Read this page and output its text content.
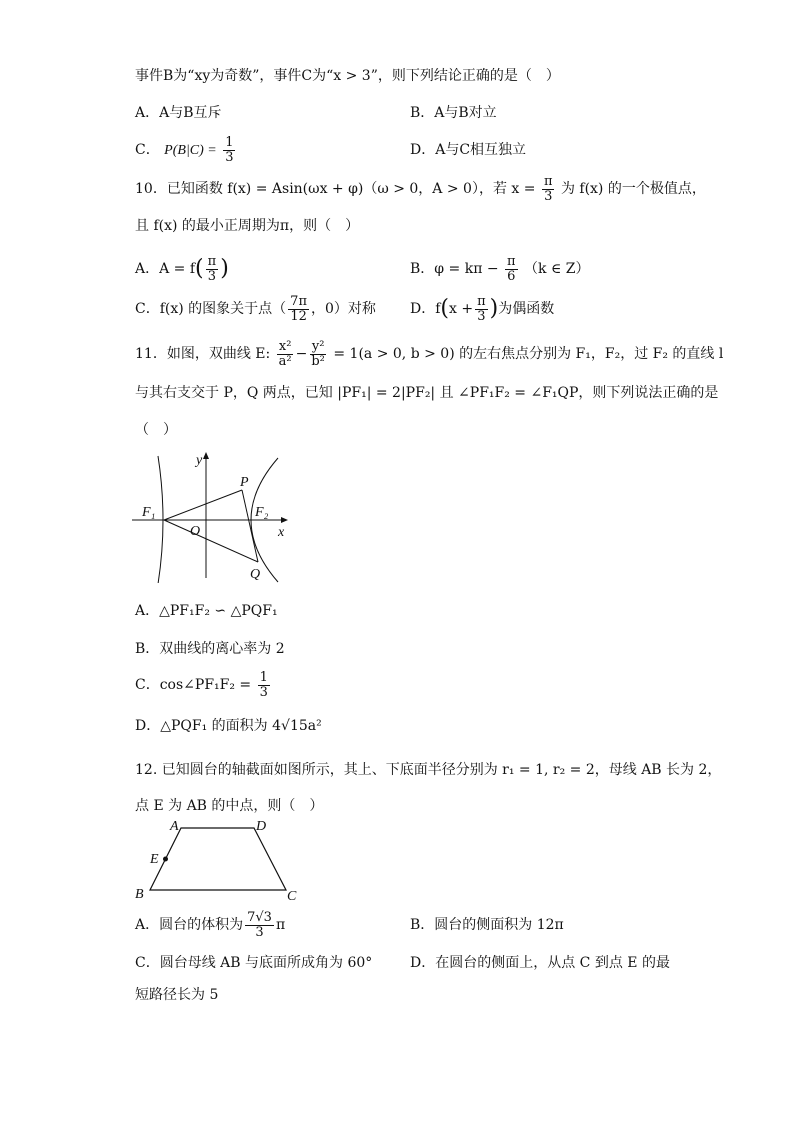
事件B为“xy为奇数”，事件C为“x > 3”，则下列结论正确的是（　）
A．A与B互斥	B．A与B对立
C． $P(B|C) = \frac{1}{3}$	D．A与C相互独立
10．已知函数 f(x) = Asin(ωx + φ)（ω > 0，A > 0），若 $x = \frac{\pi}{3}$ 为 f(x) 的一个极值点，
且 f(x) 的最小正周期为π，则（　）
A．$A = f( \frac{\pi}{3}$ )	B．$\varphi = k\pi - \frac{\pi}{6} (k$ ∈ Z）
C．f(x) 的图象关于点（ $\frac{7\pi}{12}$ ，0）对称 D．$f(x + \frac{\pi}{3}$ )为偶函数
11．如图，双曲线 E: $\frac{\text{x²}}{\text{a²}} - \frac{\text{y²}}{\text{b²}} = 1(a > 0$, b > 0) 的左右焦点分别为 F₁，F₂，过 F₂ 的直线 l
与其右支交于 P，Q 两点，已知 |PF₁| = 2|PF₂| 且 ∠PF₁F₂ = ∠F₁QP，则下列说法正确的是
（　）
y
x
O
F₁	F₂
P
Q
A．△PF₁F₂ ∽ △PQF₁
B．双曲线的离心率为 2
C．cos∠PF₁F₂ = $\frac{1}{3}$
D．△PQF₁ 的面积为 4√15a²
12. 已知圆台的轴截面如图所示，其上、下底面半径分别为 r₁ = 1, r₂ = 2，母线 AB 长为 2，
点 E 为 AB 的中点，则（　）
A	D
E
B	C
A．圆台的体积为 $\frac{7√3}{3}$ π	B．圆台的侧面积为 12π
C．圆台母线 AB 与底面所成角为 60°	D．在圆台的侧面上，从点 C 到点 E 的最
短路径长为 5
